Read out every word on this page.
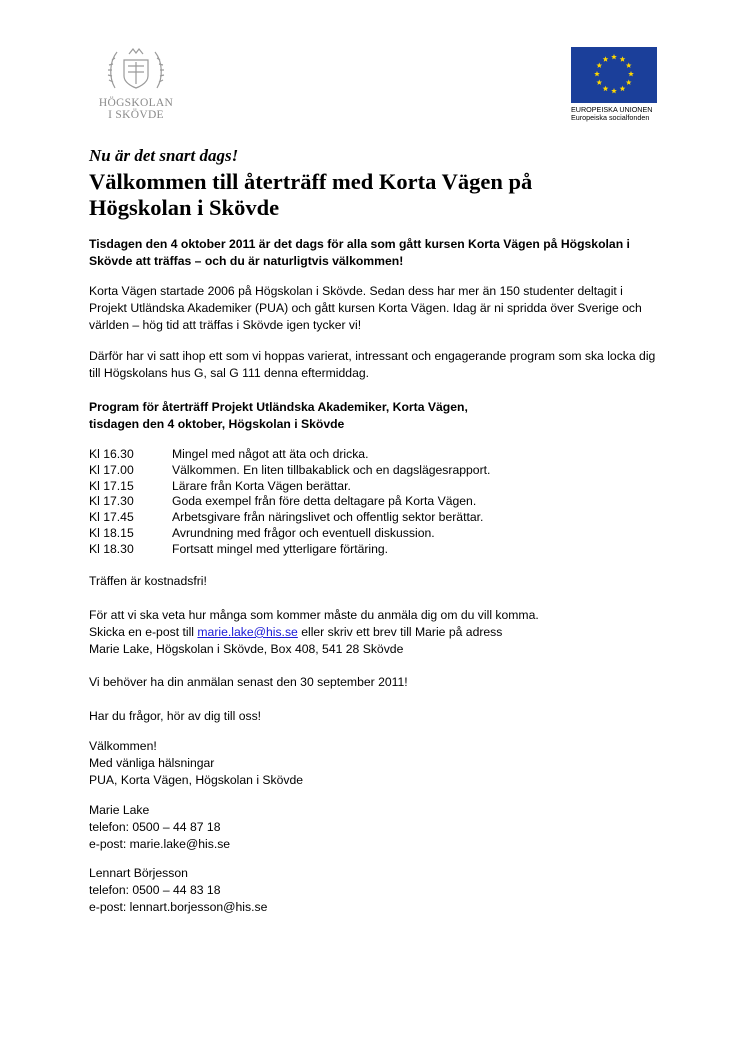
HÖGSKOLAN
I SKÖVDE	EUROPEISKA UNIONEN
Europeiska socialfonden
Nu är det snart dags!
Välkommen till återträff med Korta Vägen på Högskolan i Skövde
Tisdagen den 4 oktober 2011 är det dags för alla som gått kursen Korta Vägen på Högskolan i Skövde att träffas – och du är naturligtvis välkommen!
Korta Vägen startade 2006 på Högskolan i Skövde. Sedan dess har mer än 150 studenter deltagit i Projekt Utländska Akademiker (PUA) och gått kursen Korta Vägen. Idag är ni spridda över Sverige och världen – hög tid att träffas i Skövde igen tycker vi!
Därför har vi satt ihop ett som vi hoppas varierat, intressant och engagerande program som ska locka dig till Högskolans hus G, sal G 111 denna eftermiddag.

Program för återträff Projekt Utländska Akademiker, Korta Vägen,

tisdagen den 4 oktober, Högskolan i Skövde

Kl 16.30	Mingel med något att äta och dricka.
Kl 17.00	Välkommen. En liten tillbakablick och en dagslägesrapport.
Kl 17.15	Lärare från Korta Vägen berättar.
Kl 17.30	Goda exempel från före detta deltagare på Korta Vägen.
Kl 17.45	Arbetsgivare från näringslivet och offentlig sektor berättar.
Kl 18.15	Avrundning med frågor och eventuell diskussion.
Kl 18.30	Fortsatt mingel med ytterligare förtäring.
Träffen är kostnadsfri!

För att vi ska veta hur många som kommer måste du anmäla dig om du vill komma.

Skicka en e-post till marie.lake@his.se eller skriv ett brev till Marie på adress

Marie Lake, Högskolan i Skövde, Box 408, 541 28 Skövde

Vi behöver ha din anmälan senast den 30 september 2011!
Har du frågor, hör av dig till oss!

Välkommen!

Med vänliga hälsningar

PUA, Korta Vägen, Högskolan i Skövde

Marie Lake

telefon: 0500 – 44 87 18

e-post: marie.lake@his.se

Lennart Börjesson

telefon: 0500 – 44 83 18

e-post: lennart.borjesson@his.se
